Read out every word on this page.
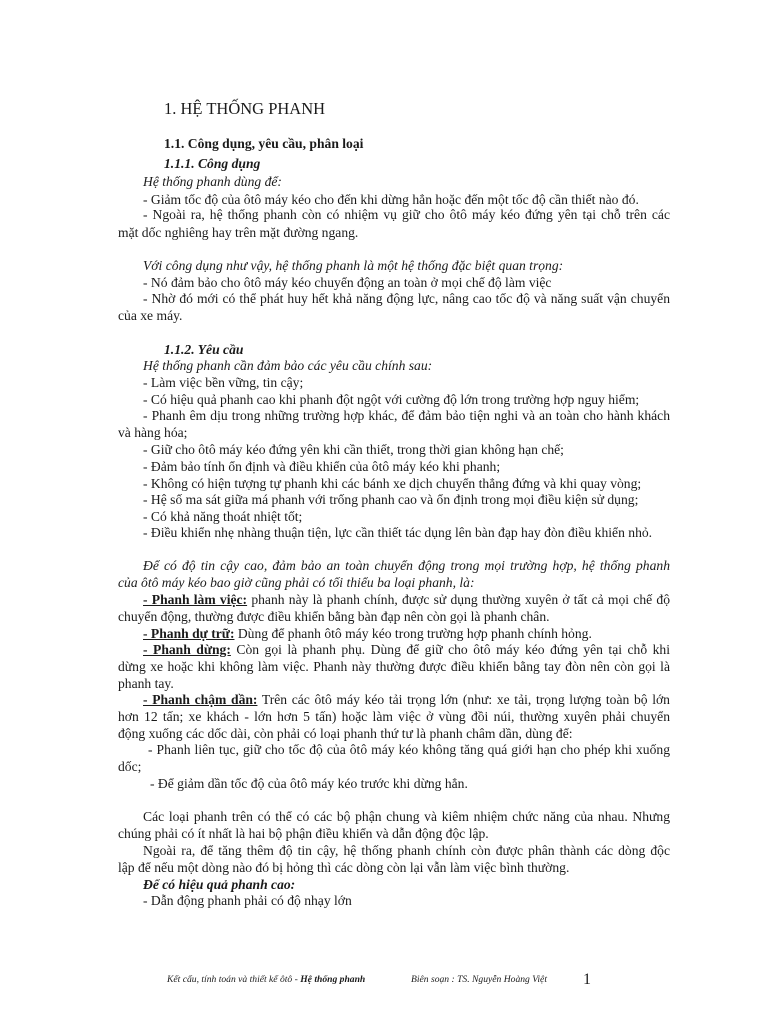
1. HỆ THỐNG PHANH
1.1. Công dụng, yêu cầu, phân loại
1.1.1. Công dụng
Hệ thống phanh dùng để:
- Giảm tốc độ của ôtô máy kéo cho đến khi dừng hẳn hoặc đến một tốc độ cần thiết nào đó.
- Ngoài ra, hệ thống phanh còn có nhiệm vụ giữ cho ôtô máy kéo đứng yên tại chỗ trên các
mặt dốc nghiêng hay trên mặt đường ngang.
Với công dụng như vậy, hệ thống phanh là một hệ thống đặc biệt quan trọng:
- Nó đảm bảo cho ôtô máy kéo chuyển động an toàn ở mọi chế độ làm việc
- Nhờ đó mới có thể phát huy hết khả năng động lực, nâng cao tốc độ và năng suất vận chuyển
của xe máy.
1.1.2. Yêu cầu
Hệ thống phanh cần đảm bảo các yêu cầu chính sau:
- Làm việc bền vững, tin cậy;
- Có hiệu quả phanh cao khi phanh đột ngột với cường độ lớn trong trường hợp nguy hiểm;
- Phanh êm dịu trong những trường hợp khác, để đảm bảo tiện nghi và an toàn cho hành khách
và hàng hóa;
- Giữ cho ôtô máy kéo đứng yên khi cần thiết, trong thời gian không hạn chế;
- Đảm bảo tính ổn định và điều khiển của ôtô máy kéo khi phanh;
- Không có hiện tượng tự phanh khi các bánh xe dịch chuyển thẳng đứng và khi quay vòng;
- Hệ số ma sát giữa má phanh với trống phanh cao và ổn định trong mọi điều kiện sử dụng;
- Có khả năng thoát nhiệt tốt;
- Điều khiển nhẹ nhàng thuận tiện, lực cần thiết tác dụng lên bàn đạp hay đòn điều khiển nhỏ.
Để có độ tin cậy cao, đảm bảo an toàn chuyển động trong mọi trường hợp, hệ thống phanh
của ôtô máy kéo bao giờ cũng phải có tối thiểu ba loại phanh, là:
- Phanh làm việc: phanh này là phanh chính, được sử dụng thường xuyên ở tất cả mọi chế độ
chuyển động, thường được điều khiển bằng bàn đạp nên còn gọi là phanh chân.
- Phanh dự trữ: Dùng để phanh ôtô máy kéo trong trường hợp phanh chính hỏng.
- Phanh dừng: Còn gọi là phanh phụ. Dùng để giữ cho ôtô máy kéo đứng yên tại chỗ khi
dừng xe hoặc khi không làm việc. Phanh này thường được điều khiển bằng tay đòn nên còn gọi là
phanh tay.
- Phanh chậm dần: Trên các ôtô máy kéo tải trọng lớn (như: xe tải, trọng lượng toàn bộ lớn
hơn 12 tấn; xe khách - lớn hơn 5 tấn) hoặc làm việc ở vùng đồi núi, thường xuyên phải chuyển
động xuống các dốc dài, còn phải có loại phanh thứ tư là phanh châm dần, dùng để:
- Phanh liên tục, giữ cho tốc độ của ôtô máy kéo không tăng quá giới hạn cho phép khi xuống
dốc;
- Để giảm dần tốc độ của ôtô máy kéo trước khi dừng hẳn.
Các loại phanh trên có thể có các bộ phận chung và kiêm nhiệm chức năng của nhau. Nhưng
chúng phải có ít nhất là hai bộ phận điều khiển và dẫn động độc lập.
Ngoài ra, để tăng thêm độ tin cậy, hệ thống phanh chính còn được phân thành các dòng độc
lập để nếu một dòng nào đó bị hỏng thì các dòng còn lại vẫn làm việc bình thường.
Để có hiệu quả phanh cao:
- Dẫn động phanh phải có độ nhạy lớn
Kết cấu, tính toán và thiết kế ôtô - Hệ thống phanh	Biên soạn : TS. Nguyễn Hoàng Việt 1
